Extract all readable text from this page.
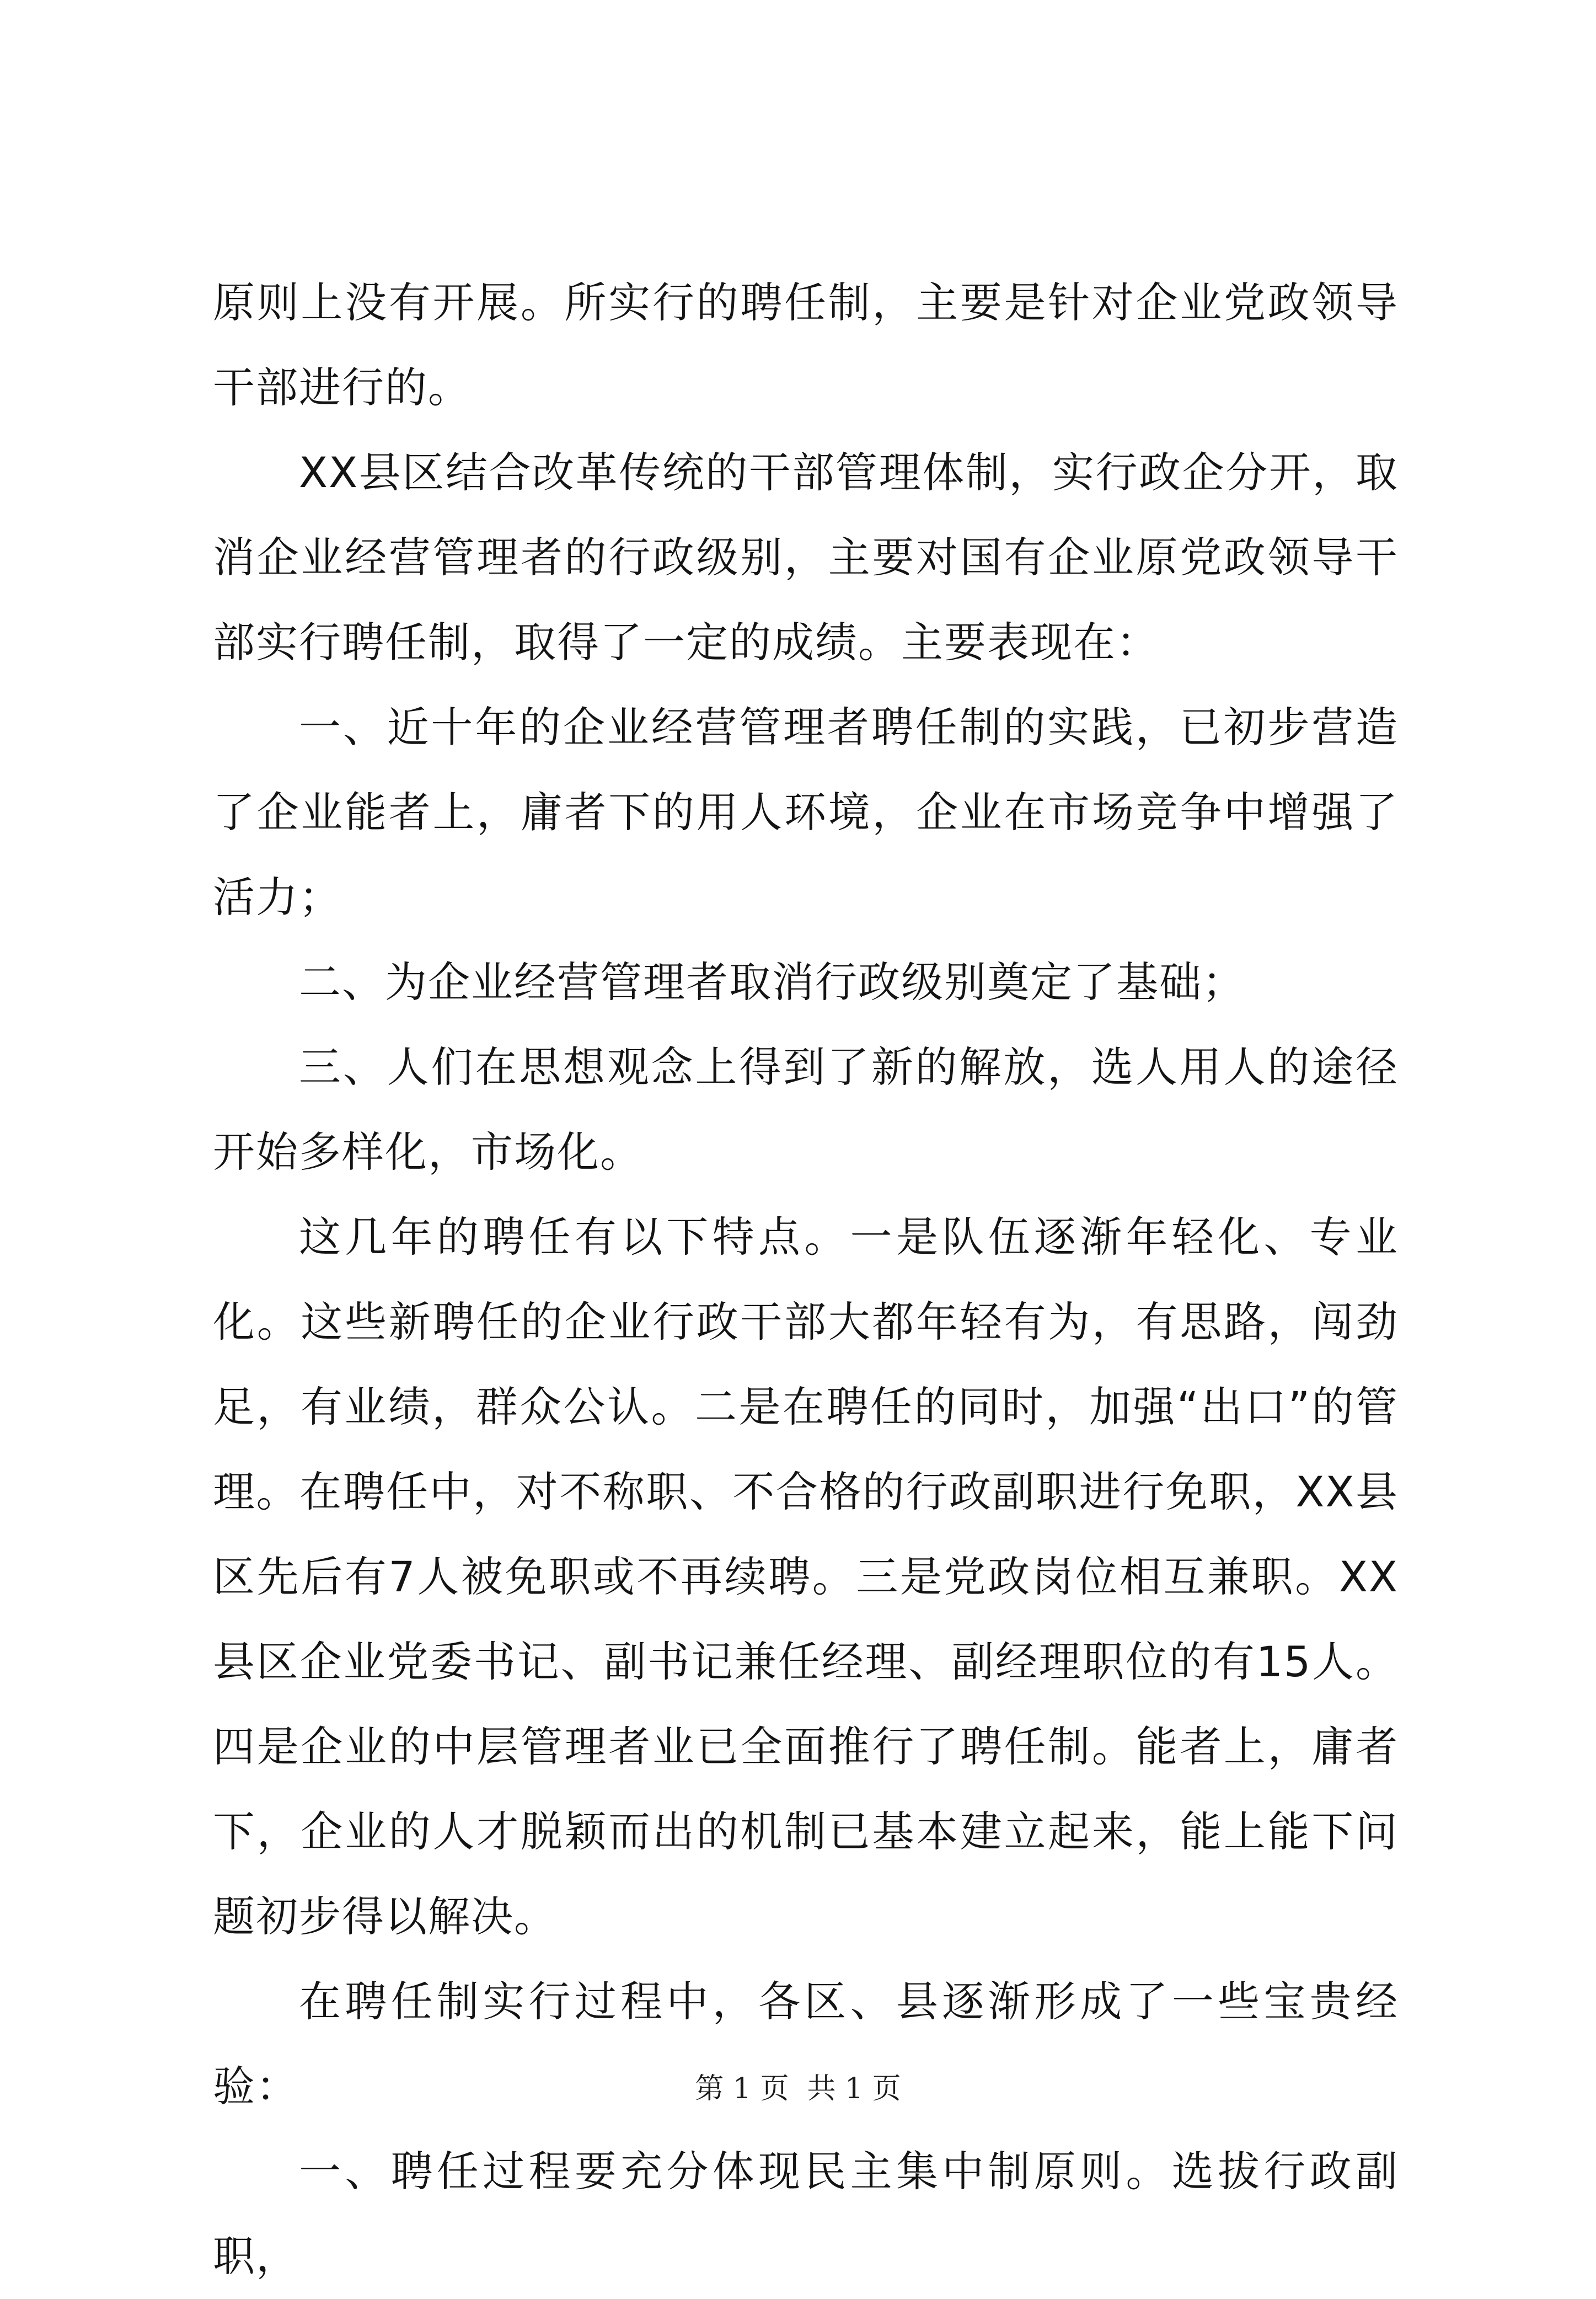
原则上没有开展。所实行的聘任制，主要是针对企业党政领导干部进行的。

XX县区结合改革传统的干部管理体制，实行政企分开，取消企业经营管理者的行政级别，主要对国有企业原党政领导干部实行聘任制，取得了一定的成绩。主要表现在：

一、近十年的企业经营管理者聘任制的实践，已初步营造了企业能者上，庸者下的用人环境，企业在市场竞争中增强了活力；

二、为企业经营管理者取消行政级别奠定了基础；

三、人们在思想观念上得到了新的解放，选人用人的途径开始多样化，市场化。

这几年的聘任有以下特点。一是队伍逐渐年轻化、专业化。这些新聘任的企业行政干部大都年轻有为，有思路，闯劲足，有业绩，群众公认。二是在聘任的同时，加强“出口”的管理。在聘任中，对不称职、不合格的行政副职进行免职，XX县区先后有7人被免职或不再续聘。三是党政岗位相互兼职。XX县区企业党委书记、副书记兼任经理、副经理职位的有15人。四是企业的中层管理者业已全面推行了聘任制。能者上，庸者下，企业的人才脱颖而出的机制已基本建立起来，能上能下问题初步得以解决。

在聘任制实行过程中，各区、县逐渐形成了一些宝贵经验：

一、聘任过程要充分体现民主集中制原则。选拔行政副职，

第 1 页  共 1 页
